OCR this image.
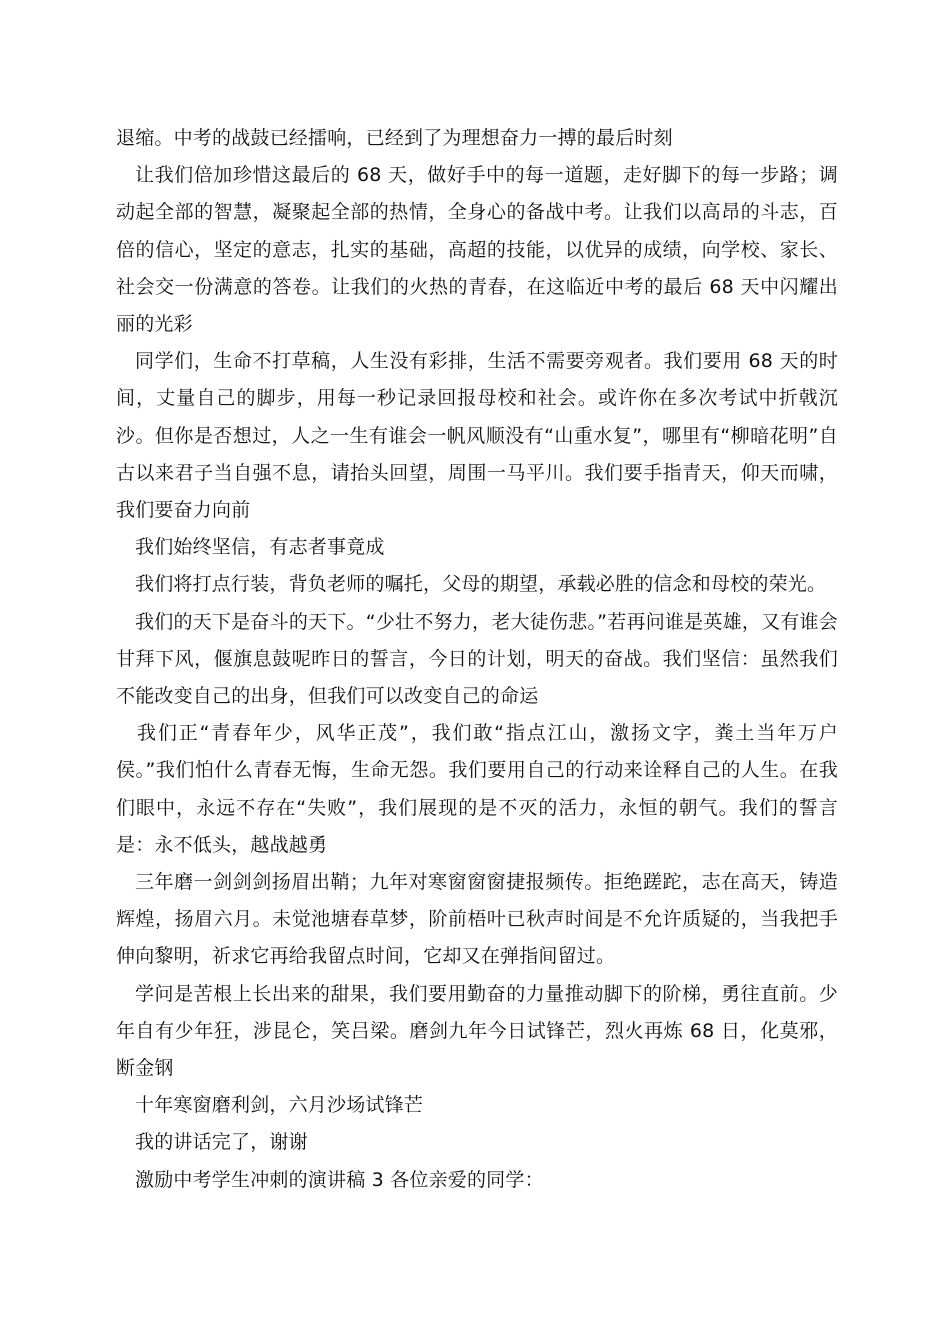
退缩。中考的战鼓已经擂响，已经到了为理想奋力一搏的最后时刻

让我们倍加珍惜这最后的 68 天，做好手中的每一道题，走好脚下的每一步路；调动起全部的智慧，凝聚起全部的热情，全身心的备战中考。让我们以高昂的斗志，百倍的信心，坚定的意志，扎实的基础，高超的技能，以优异的成绩，向学校、家长、社会交一份满意的答卷。让我们的火热的青春，在这临近中考的最后 68 天中闪耀出丽的光彩

同学们，生命不打草稿，人生没有彩排，生活不需要旁观者。我们要用 68 天的时间，丈量自己的脚步，用每一秒记录回报母校和社会。或许你在多次考试中折戟沉沙。但你是否想过，人之一生有谁会一帆风顺没有“山重水复”，哪里有“柳暗花明”自古以来君子当自强不息，请抬头回望，周围一马平川。我们要手指青天，仰天而啸，我们要奋力向前

我们始终坚信，有志者事竟成

我们将打点行装，背负老师的嘱托，父母的期望，承载必胜的信念和母校的荣光。

我们的天下是奋斗的天下。“少壮不努力，老大徒伤悲。”若再问谁是英雄，又有谁会甘拜下风，偃旗息鼓呢昨日的誓言，今日的计划，明天的奋战。我们坚信：虽然我们不能改变自己的出身，但我们可以改变自己的命运

我们正“青春年少，风华正茂”，我们敢“指点江山，激扬文字，粪土当年万户侯。”我们怕什么青春无悔，生命无怨。我们要用自己的行动来诠释自己的人生。在我们眼中，永远不存在“失败”，我们展现的是不灭的活力，永恒的朝气。我们的誓言是：永不低头，越战越勇

三年磨一剑剑剑扬眉出鞘；九年对寒窗窗窗捷报频传。拒绝蹉跎，志在高天，铸造辉煌，扬眉六月。未觉池塘春草梦，阶前梧叶已秋声时间是不允许质疑的，当我把手伸向黎明，祈求它再给我留点时间，它却又在弹指间留过。

学问是苦根上长出来的甜果，我们要用勤奋的力量推动脚下的阶梯，勇往直前。少年自有少年狂，涉昆仑，笑吕梁。磨剑九年今日试锋芒，烈火再炼 68 日，化莫邪，断金钢

十年寒窗磨利剑，六月沙场试锋芒

我的讲话完了，谢谢

激励中考学生冲刺的演讲稿 3 各位亲爱的同学：
